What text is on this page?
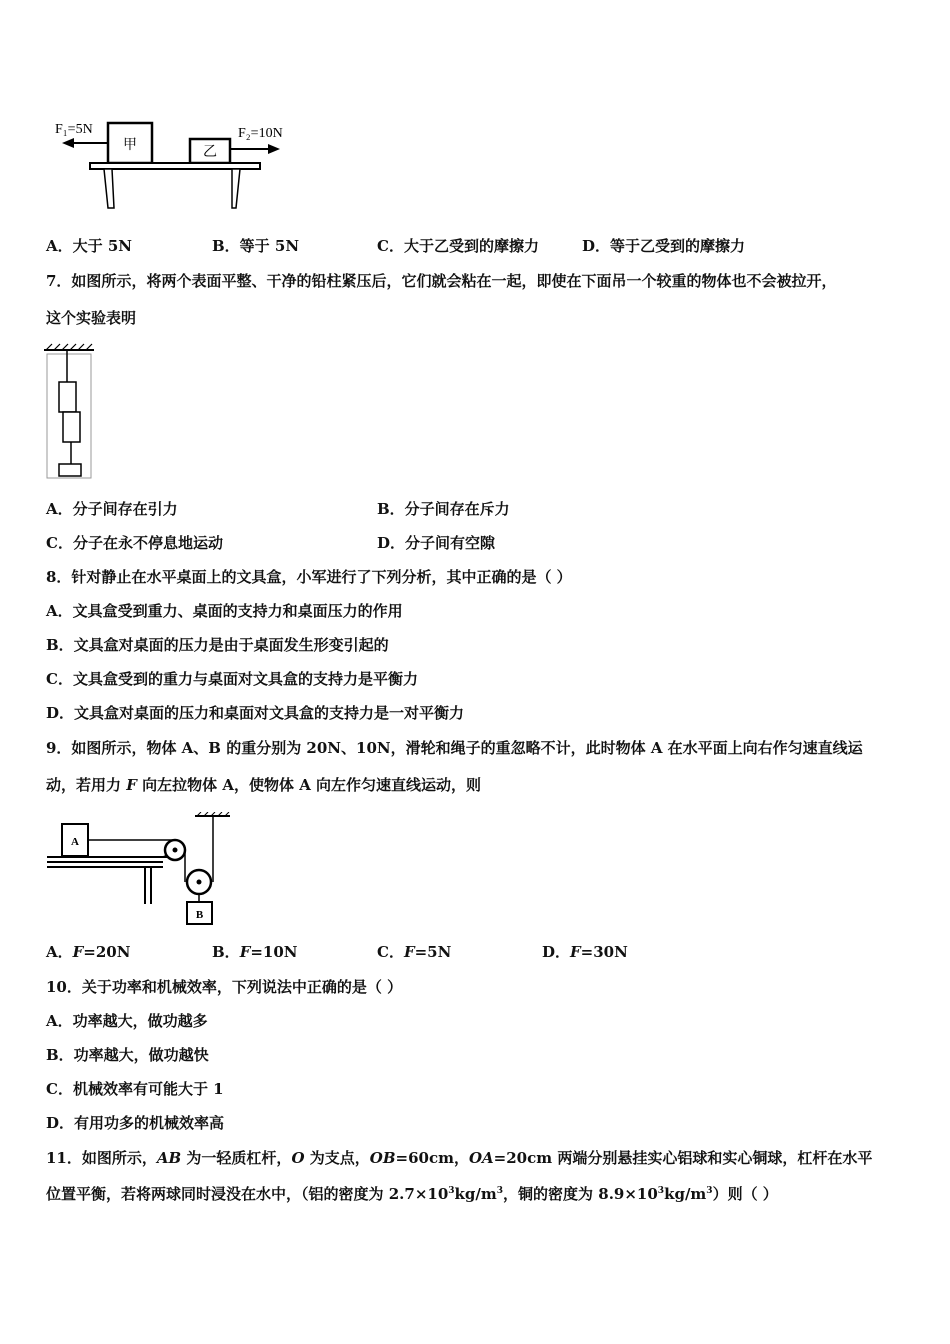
F₁=5N
甲	乙
F₂=10N
A．大于 5N	B．等于 5N	C．大于乙受到的摩擦力	D．等于乙受到的摩擦力
7．如图所示，将两个表面平整、干净的铅柱紧压后，它们就会粘在一起，即使在下面吊一个较重的物体也不会被拉开，
这个实验表明
A．分子间存在引力	B．分子间存在斥力
C．分子在永不停息地运动	D．分子间有空隙
8．针对静止在水平桌面上的文具盒，小军进行了下列分析，其中正确的是（ ）
A．文具盒受到重力、桌面的支持力和桌面压力的作用
B．文具盒对桌面的压力是由于桌面发生形变引起的
C．文具盒受到的重力与桌面对文具盒的支持力是平衡力
D．文具盒对桌面的压力和桌面对文具盒的支持力是一对平衡力
9．如图所示，物体 A、B 的重分别为 20N、10N，滑轮和绳子的重忽略不计，此时物体 A 在水平面上向右作匀速直线运
动，若用力 F 向左拉物体 A，使物体 A 向左作匀速直线运动，则
A
B
A．F=20N	B．F=10N	C．F=5N	D．F=30N
10．关于功率和机械效率，下列说法中正确的是（ ）
A．功率越大，做功越多
B．功率越大，做功越快
C．机械效率有可能大于 1
D．有用功多的机械效率高
11．如图所示，AB 为一轻质杠杆，O 为支点，OB=60cm，OA=20cm 两端分别悬挂实心铝球和实心铜球，杠杆在水平
位置平衡，若将两球同时浸没在水中，（铝的密度为 $2.7\times 10^3kg/m^3$，铜的密度为 $8.9\times 10^3kg/m^3$）则（ ）
